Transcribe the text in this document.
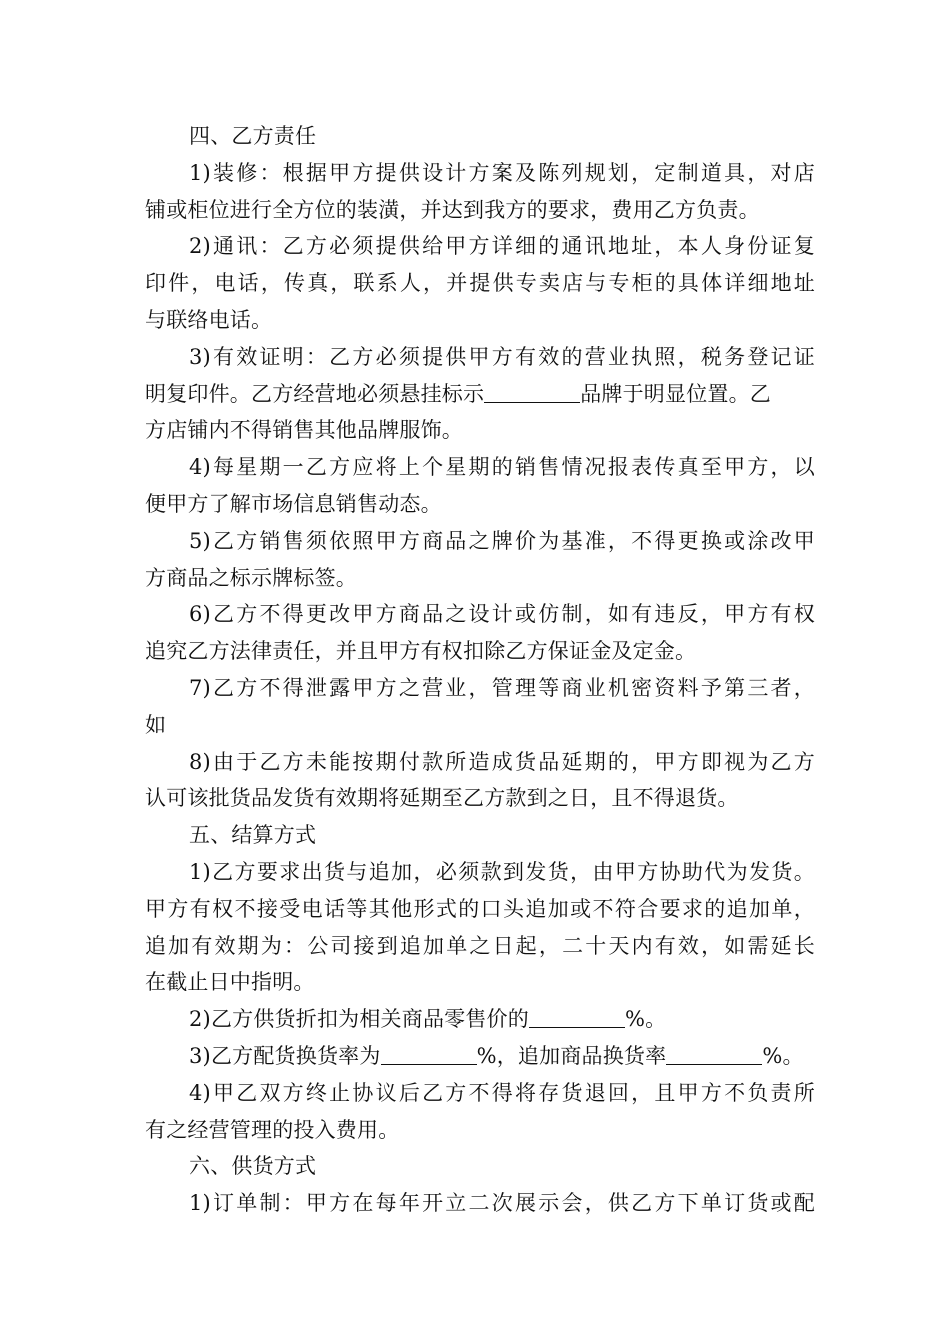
四、乙方责任
1)装修：根据甲方提供设计方案及陈列规划，定制道具，对店
铺或柜位进行全方位的装潢，并达到我方的要求，费用乙方负责。
2)通讯：乙方必须提供给甲方详细的通讯地址，本人身份证复
印件，电话，传真，联系人，并提供专卖店与专柜的具体详细地址
与联络电话。
3)有效证明：乙方必须提供甲方有效的营业执照，税务登记证
明复印件。乙方经营地必须悬挂标示	品牌于明显位置。乙
方店铺内不得销售其他品牌服饰。
4)每星期一乙方应将上个星期的销售情况报表传真至甲方，以
便甲方了解市场信息销售动态。
5)乙方销售须依照甲方商品之牌价为基准，不得更换或涂改甲
方商品之标示牌标签。
6)乙方不得更改甲方商品之设计或仿制，如有违反，甲方有权
追究乙方法律责任，并且甲方有权扣除乙方保证金及定金。
7)乙方不得泄露甲方之营业，管理等商业机密资料予第三者，
如
8)由于乙方未能按期付款所造成货品延期的，甲方即视为乙方
认可该批货品发货有效期将延期至乙方款到之日，且不得退货。
五、结算方式
1)乙方要求出货与追加，必须款到发货，由甲方协助代为发货。
甲方有权不接受电话等其他形式的口头追加或不符合要求的追加单，
追加有效期为：公司接到追加单之日起，二十天内有效，如需延长
在截止日中指明。
2)乙方供货折扣为相关商品零售价的	%。
3)乙方配货换货率为	%，追加商品换货率	%。
4)甲乙双方终止协议后乙方不得将存货退回，且甲方不负责所
有之经营管理的投入费用。
六、供货方式
1)订单制：甲方在每年开立二次展示会，供乙方下单订货或配
